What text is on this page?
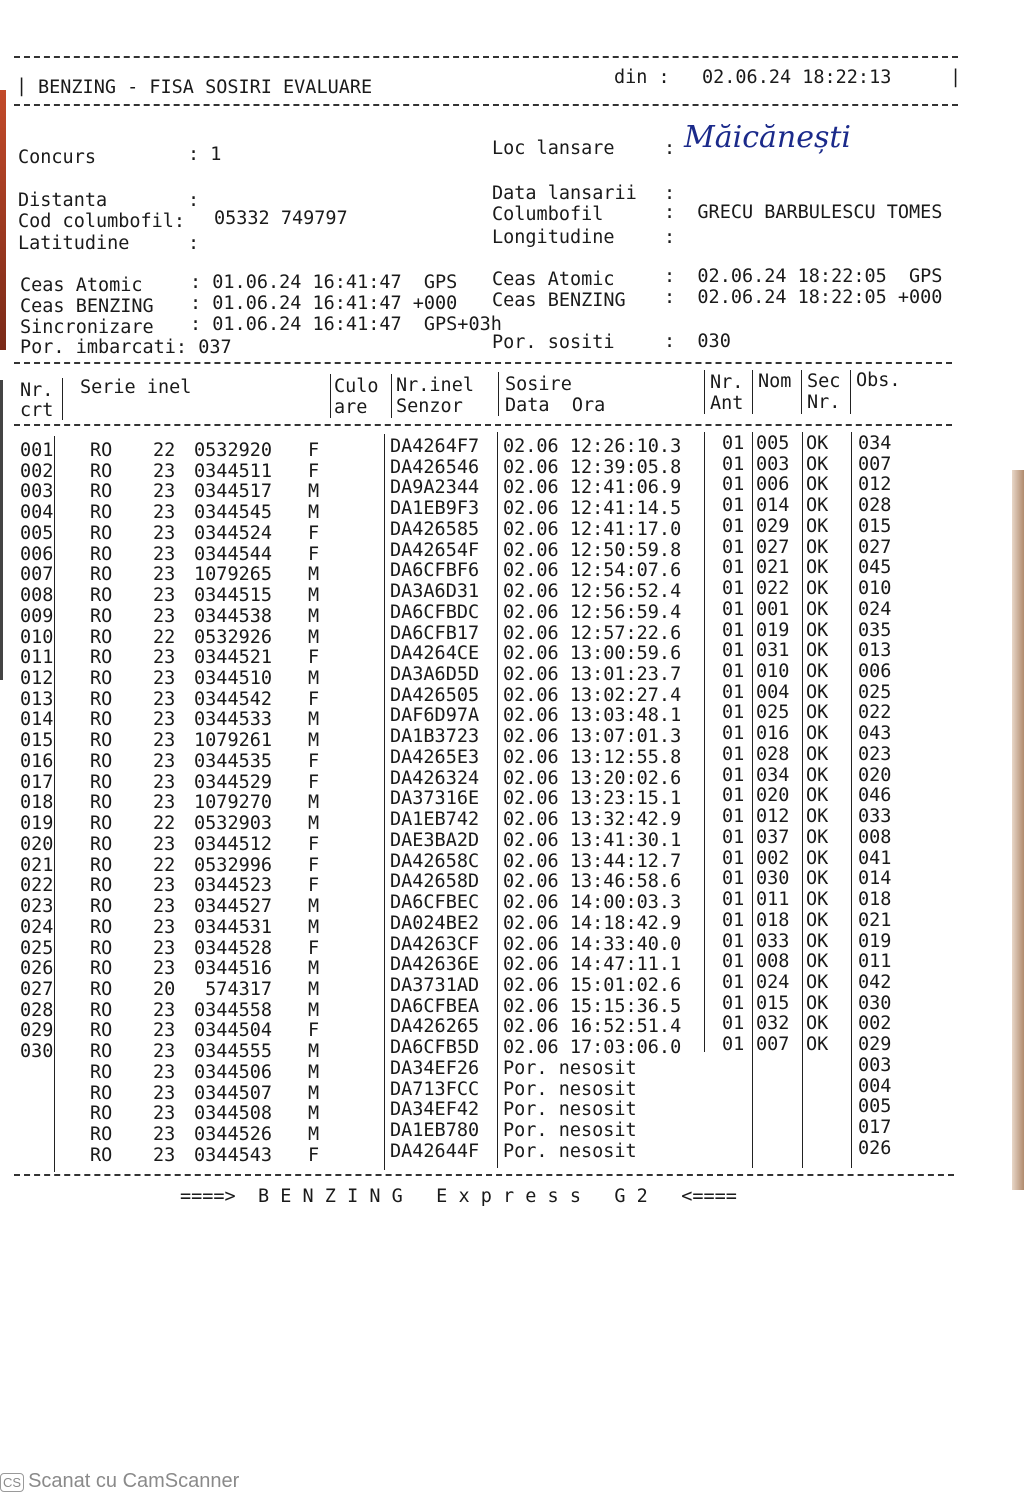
| BENZING - FISA SOSIRI EVALUARE	din : 02.06.24 18:22:13	|
Concurs	: 1	Loc lansare	: Măicănești
Distanta	:	Data lansarii :
Cod columbofil: 05332 749797	Columbofil	:  GRECU BARBULESCU TOMES
Latitudine	:	Longitudine	:
Ceas Atomic	: 01.06.24 16:41:47  GPS Ceas Atomic	:  02.06.24 18:22:05  GPS
Ceas BENZING : 01.06.24 16:41:47 +000 Ceas BENZING :  02.06.24 18:22:05 +000
Sincronizare : 01.06.24 16:41:47  GPS+03h
Por. imbarcati: 037	Por. sositi	:  030
Nr.
crt
Serie inel	Culo
are
Nr.inel
Senzor
Sosire
Data  Ora
Nr.
Ant
Nom Sec
Nr.
Obs.
001 RO 22 0532920 F	DA4264F7 02.06 12:26:10.3 01 005 OK 034
002 RO 23 0344511 F	DA426546 02.06 12:39:05.8 01 003 OK 007
003 RO 23 0344517 M	DA9A2344 02.06 12:41:06.9 01 006 OK 012
004 RO 23 0344545 M	DA1EB9F3 02.06 12:41:14.5 01 014 OK 028
005 RO 23 0344524 F	DA426585 02.06 12:41:17.0 01 029 OK 015
006 RO 23 0344544 F	DA42654F 02.06 12:50:59.8 01 027 OK 027
007 RO 23 1079265 M	DA6CFBF6 02.06 12:54:07.6 01 021 OK 045
008 RO 23 0344515 M	DA3A6D31 02.06 12:56:52.4 01 022 OK 010
009 RO 23 0344538 M	DA6CFBDC 02.06 12:56:59.4 01 001 OK 024
010 RO 22 0532926 M	DA6CFB17 02.06 12:57:22.6 01 019 OK 035
011 RO 23 0344521 F	DA4264CE 02.06 13:00:59.6 01 031 OK 013
012 RO 23 0344510 M	DA3A6D5D 02.06 13:01:23.7 01 010 OK 006
013 RO 23 0344542 F	DA426505 02.06 13:02:27.4 01 004 OK 025
014 RO 23 0344533 M	DAF6D97A 02.06 13:03:48.1 01 025 OK 022
015 RO 23 1079261 M	DA1B3723 02.06 13:07:01.3 01 016 OK 043
016 RO 23 0344535 F	DA4265E3 02.06 13:12:55.8 01 028 OK 023
017 RO 23 0344529 F	DA426324 02.06 13:20:02.6 01 034 OK 020
018 RO 23 1079270 M	DA37316E 02.06 13:23:15.1 01 020 OK 046
019 RO 22 0532903 M	DA1EB742 02.06 13:32:42.9 01 012 OK 033
020 RO 23 0344512 F	DAE3BA2D 02.06 13:41:30.1 01 037 OK 008
021 RO 22 0532996 F	DA42658C 02.06 13:44:12.7 01 002 OK 041
022 RO 23 0344523 F	DA42658D 02.06 13:46:58.6 01 030 OK 014
023 RO 23 0344527 M	DA6CFBEC 02.06 14:00:03.3 01 011 OK 018
024 RO 23 0344531 M	DA024BE2 02.06 14:18:42.9 01 018 OK 021
025 RO 23 0344528 F	DA4263CF 02.06 14:33:40.0 01 033 OK 019
026 RO 23 0344516 M	DA42636E 02.06 14:47:11.1 01 008 OK 011
027 RO 20 574317 M	DA3731AD 02.06 15:01:02.6 01 024 OK 042
028 RO 23 0344558 M	DA6CFBEA 02.06 15:15:36.5 01 015 OK 030
029 RO 23 0344504 F	DA426265 02.06 16:52:51.4 01 032 OK 002
030 RO 23 0344555 M	DA6CFB5D 02.06 17:03:06.0 01 007 OK 029
RO 23 0344506 M	DA34EF26 Por. nesosit	003
RO 23 0344507 M	DA713FCC Por. nesosit	004
RO 23 0344508 M	DA34EF42 Por. nesosit	005
RO 23 0344526 M	DA1EB780 Por. nesosit	017
RO 23 0344543 F	DA42644F Por. nesosit	026
====>  B E N Z I N G   E x p r e s s   G 2   <====
CS Scanat cu CamScanner
